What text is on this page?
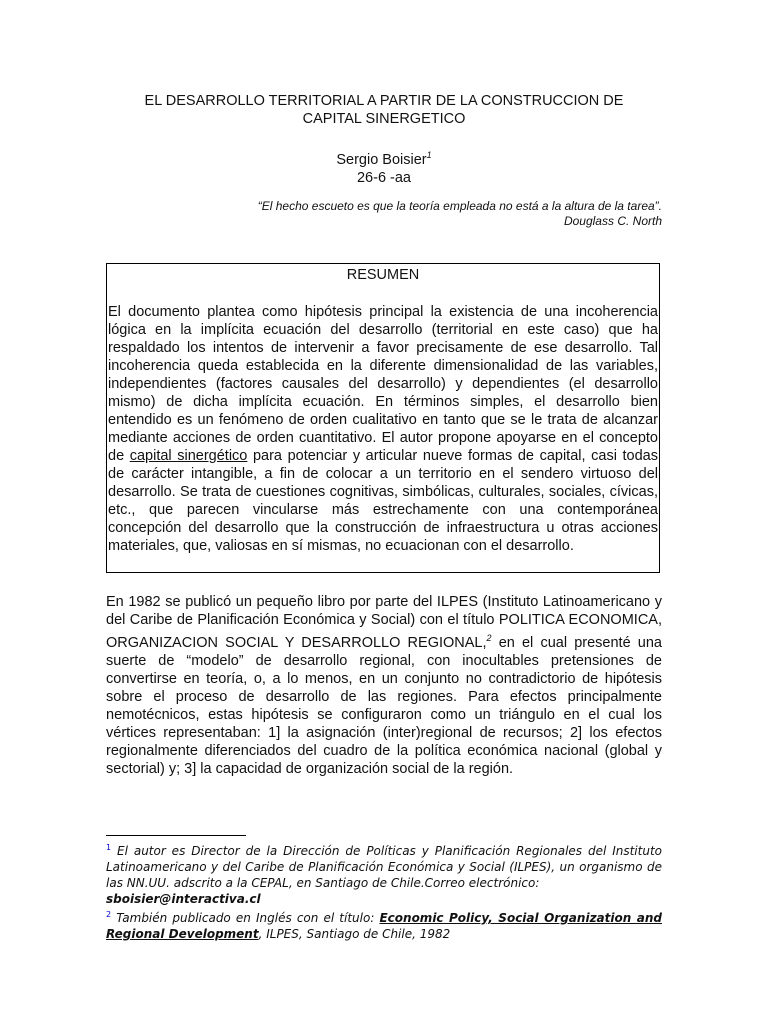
EL DESARROLLO TERRITORIAL A PARTIR DE LA CONSTRUCCION DE
CAPITAL SINERGETICO
Sergio Boisier$^1$
26-6 -aa
“El hecho escueto es que la teoría empleada no está a la altura de la tarea”.
Douglass C. North
RESUMEN
El documento plantea como hipótesis principal la existencia de una incoherencia lógica en la implícita ecuación del desarrollo (territorial en este caso) que ha respaldado los intentos de intervenir a favor precisamente de ese desarrollo. Tal incoherencia queda establecida en la diferente dimensionalidad de las variables, independientes (factores causales del desarrollo) y dependientes (el desarrollo mismo) de dicha implícita ecuación. En términos simples, el desarrollo bien entendido es un fenómeno de orden cualitativo en tanto que se le trata de alcanzar mediante acciones de orden cuantitativo. El autor propone apoyarse en el concepto de capital sinergético para potenciar y articular nueve formas de capital, casi todas de carácter intangible, a fin de colocar a un territorio en el sendero virtuoso del desarrollo. Se trata de cuestiones cognitivas, simbólicas, culturales, sociales, cívicas, etc., que parecen vincularse más estrechamente con una contemporánea concepción del desarrollo que la construcción de infraestructura u otras acciones materiales, que, valiosas en sí mismas, no ecuacionan con el desarrollo.
En 1982 se publicó un pequeño libro por parte del ILPES (Instituto Latinoamericano y del Caribe de Planificación Económica y Social) con el título POLITICA ECONOMICA, ORGANIZACION SOCIAL Y DESARROLLO REGIONAL,$^2$ en el cual presenté una suerte de “modelo” de desarrollo regional, con inocultables pretensiones de convertirse en teoría, o, a lo menos, en un conjunto no contradictorio de hipótesis sobre el proceso de desarrollo de las regiones. Para efectos principalmente nemotécnicos, estas hipótesis se configuraron como un triángulo en el cual los vértices representaban: 1] la asignación (inter)regional de recursos; 2] los efectos regionalmente diferenciados del cuadro de la política económica nacional (global y sectorial) y; 3] la capacidad de organización social de la región.
$^1$ El autor es Director de la Dirección de Políticas y Planificación Regionales del Instituto Latinoamericano y del Caribe de Planificación Económica y Social (ILPES), un organismo de las NN.UU. adscrito a la CEPAL, en Santiago de Chile.Correo electrónico:
sboisier@interactiva.cl
$^2$ También publicado en Inglés con el título: Economic Policy, Social Organization and Regional Development, ILPES, Santiago de Chile, 1982
